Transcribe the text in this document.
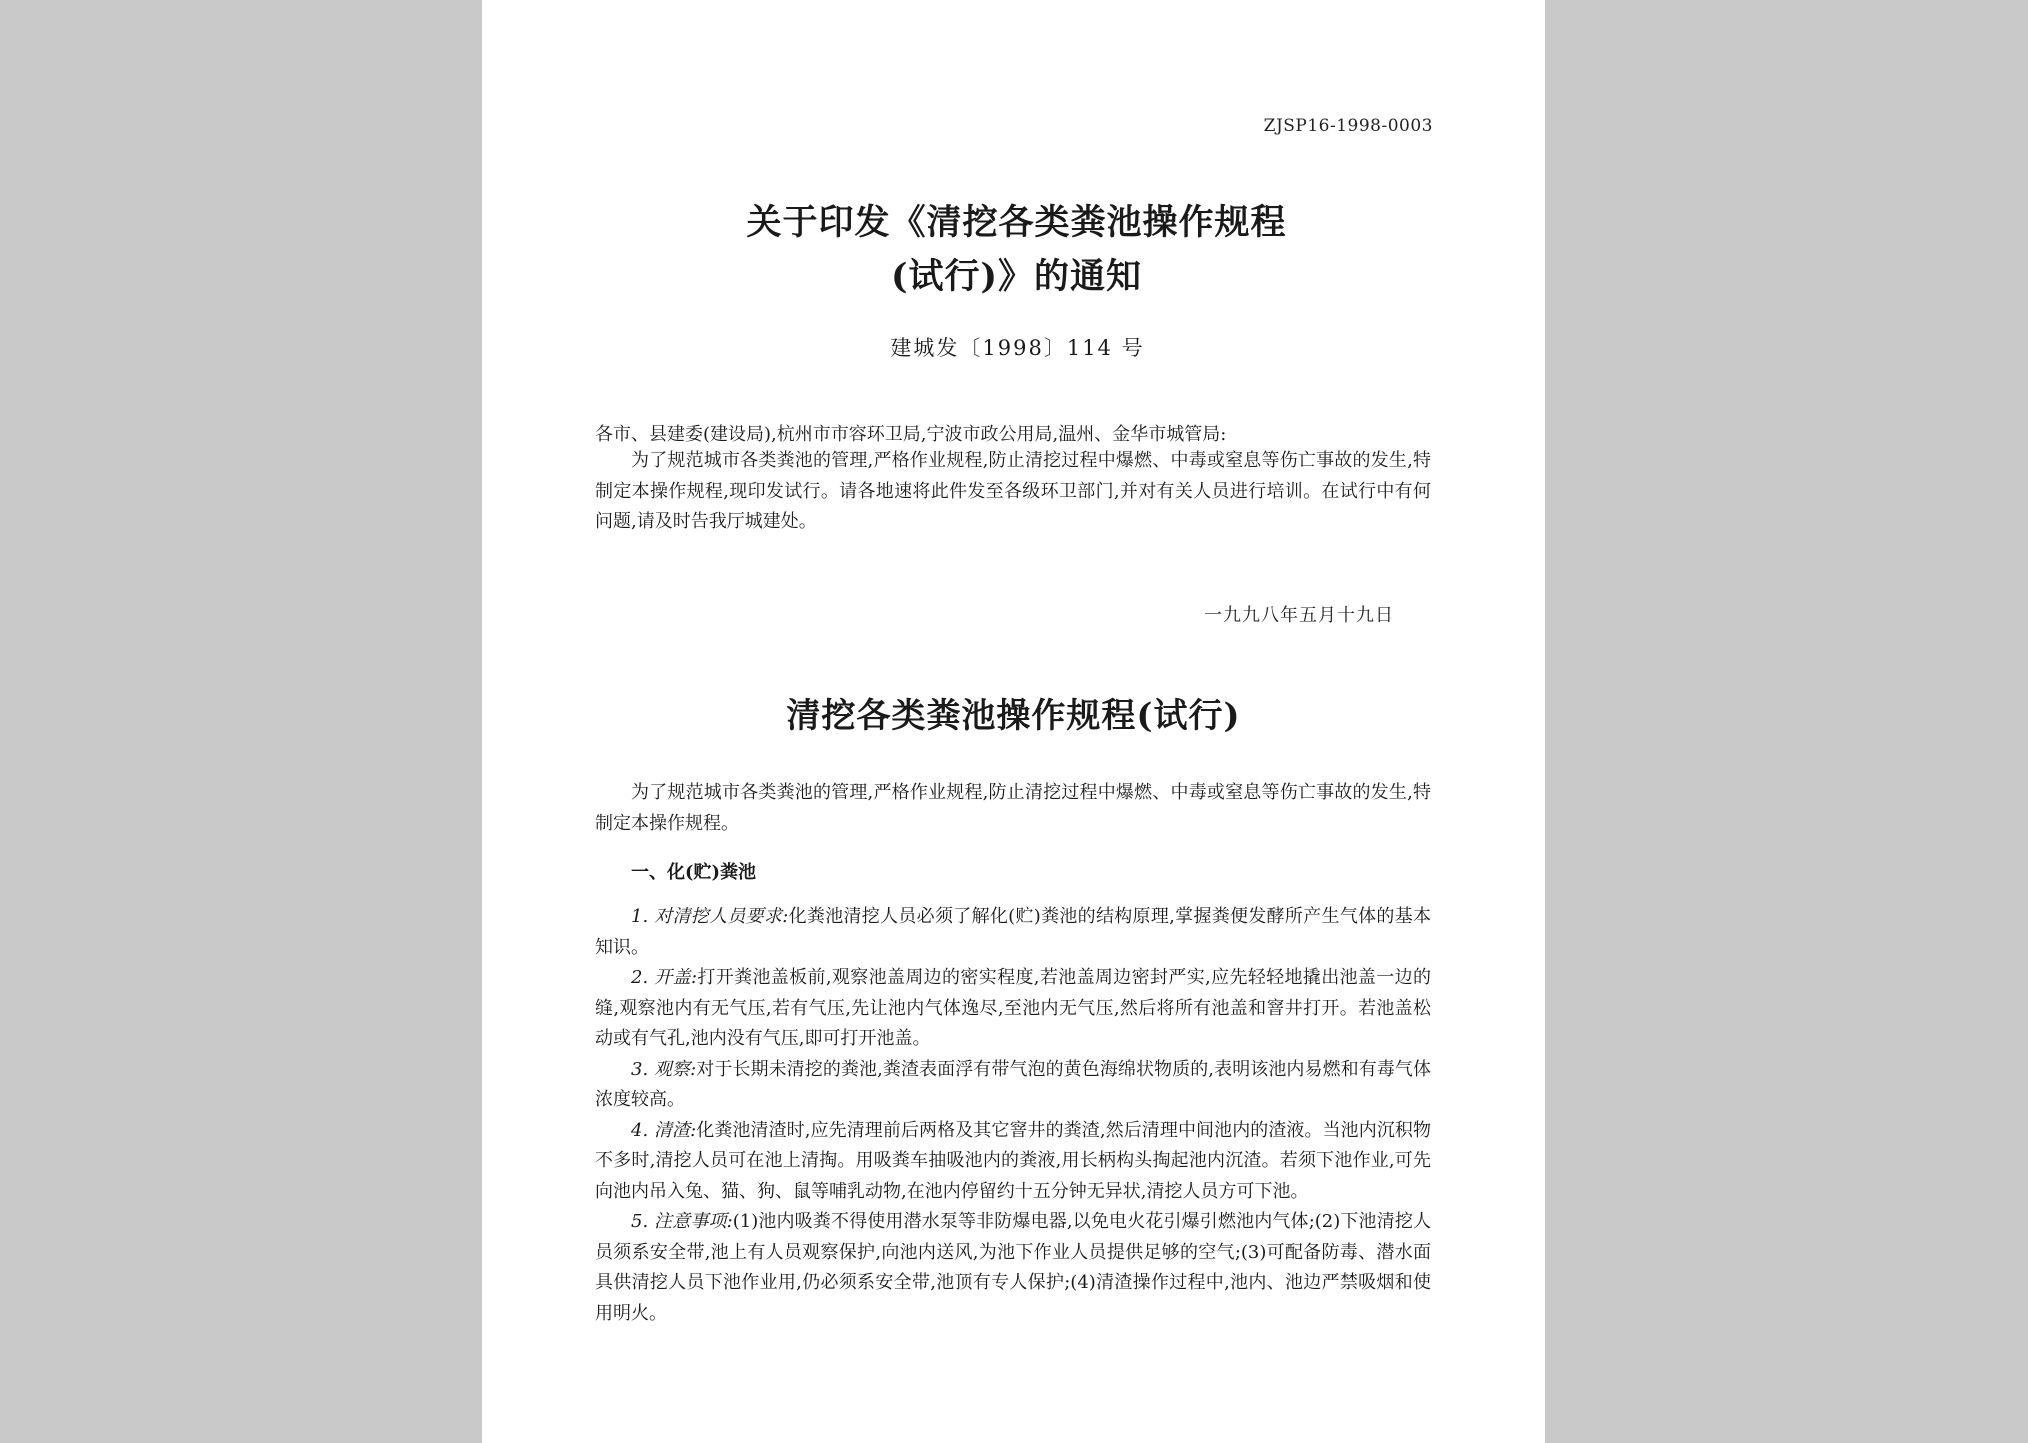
ZJSP16-1998-0003
关于印发《清挖各类粪池操作规程
(试行)》的通知
建城发〔1998〕114 号

各市、县建委(建设局),杭州市市容环卫局,宁波市政公用局,温州、金华市城管局:

为了规范城市各类粪池的管理,严格作业规程,防止清挖过程中爆燃、中毒或窒息等伤亡事故的发生,特制定本操作规程,现印发试行。请各地速将此件发至各级环卫部门,并对有关人员进行培训。在试行中有何问题,请及时告我厅城建处。

一九九八年五月十九日
清挖各类粪池操作规程(试行)

为了规范城市各类粪池的管理,严格作业规程,防止清挖过程中爆燃、中毒或窒息等伤亡事故的发生,特制定本操作规程。

一、化(贮)粪池

1. 对清挖人员要求:化粪池清挖人员必须了解化(贮)粪池的结构原理,掌握粪便发酵所产生气体的基本知识。

2. 开盖:打开粪池盖板前,观察池盖周边的密实程度,若池盖周边密封严实,应先轻轻地撬出池盖一边的缝,观察池内有无气压,若有气压,先让池内气体逸尽,至池内无气压,然后将所有池盖和窨井打开。若池盖松动或有气孔,池内没有气压,即可打开池盖。

3. 观察:对于长期未清挖的粪池,粪渣表面浮有带气泡的黄色海绵状物质的,表明该池内易燃和有毒气体浓度较高。

4. 清渣:化粪池清渣时,应先清理前后两格及其它窨井的粪渣,然后清理中间池内的渣液。当池内沉积物不多时,清挖人员可在池上清掏。用吸粪车抽吸池内的粪液,用长柄构头掏起池内沉渣。若须下池作业,可先向池内吊入兔、猫、狗、鼠等哺乳动物,在池内停留约十五分钟无异状,清挖人员方可下池。

5. 注意事项:(1)池内吸粪不得使用潜水泵等非防爆电器,以免电火花引爆引燃池内气体;(2)下池清挖人员须系安全带,池上有人员观察保护,向池内送风,为池下作业人员提供足够的空气;(3)可配备防毒、潜水面具供清挖人员下池作业用,仍必须系安全带,池顶有专人保护;(4)清渣操作过程中,池内、池边严禁吸烟和使用明火。
